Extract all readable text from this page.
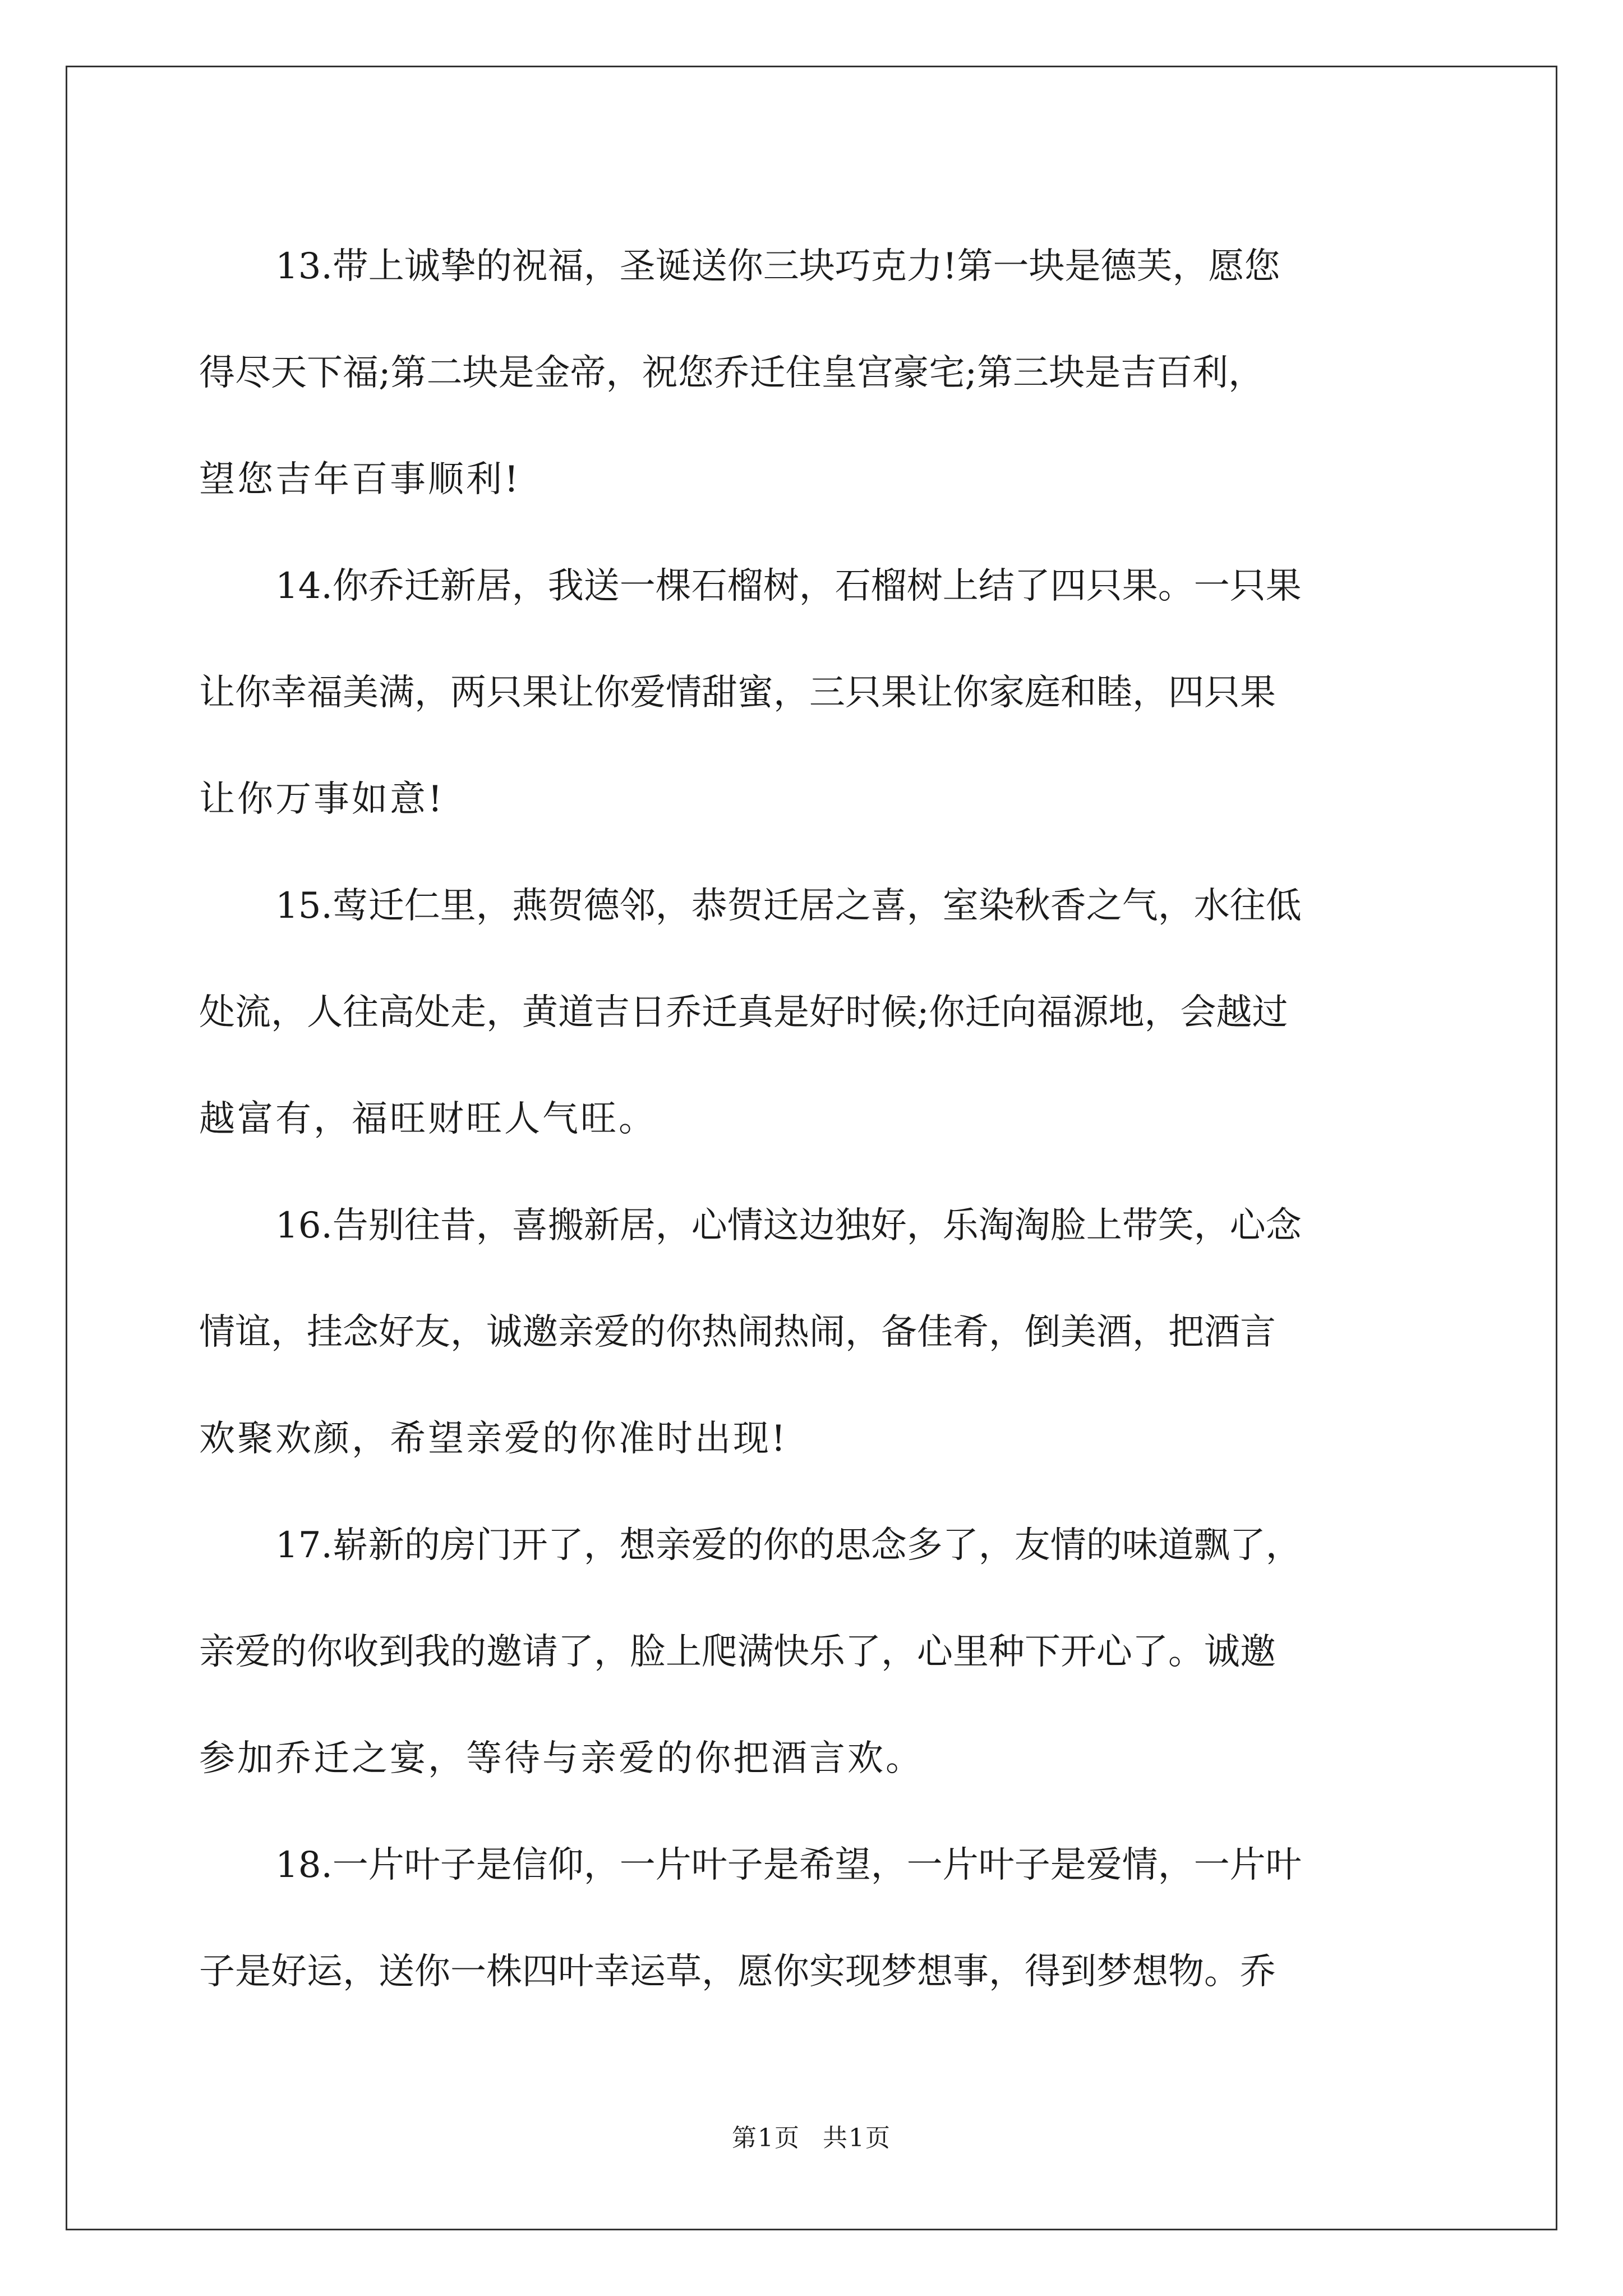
13.带上诚挚的祝福，圣诞送你三块巧克力!第一块是德芙，愿您
得尽天下福;第二块是金帝，祝您乔迁住皇宫豪宅;第三块是吉百利，
望您吉年百事顺利!
14.你乔迁新居，我送一棵石榴树，石榴树上结了四只果。一只果
让你幸福美满，两只果让你爱情甜蜜，三只果让你家庭和睦，四只果
让你万事如意!
15.莺迁仁里，燕贺德邻，恭贺迁居之喜，室染秋香之气，水往低
处流，人往高处走，黄道吉日乔迁真是好时候;你迁向福源地，会越过
越富有，福旺财旺人气旺。
16.告别往昔，喜搬新居，心情这边独好，乐淘淘脸上带笑，心念
情谊，挂念好友，诚邀亲爱的你热闹热闹，备佳肴，倒美酒，把酒言
欢聚欢颜，希望亲爱的你准时出现!
17.崭新的房门开了，想亲爱的你的思念多了，友情的味道飘了，
亲爱的你收到我的邀请了，脸上爬满快乐了，心里种下开心了。诚邀
参加乔迁之宴，等待与亲爱的你把酒言欢。
18.一片叶子是信仰，一片叶子是希望，一片叶子是爱情，一片叶
子是好运，送你一株四叶幸运草，愿你实现梦想事，得到梦想物。乔
第1页 共1页
